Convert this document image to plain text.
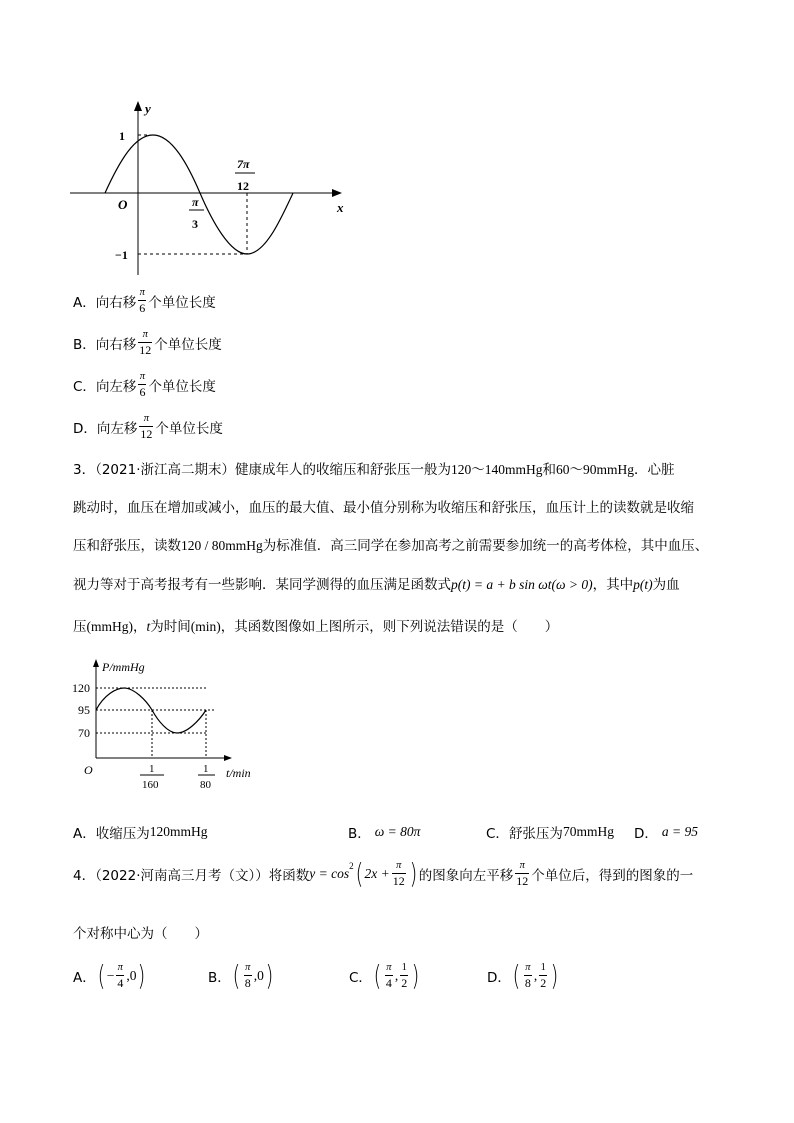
y
x
O
1
−1
π
3
7π
12
A． 向右移 $\frac{\pi}{6}$ 个单位长度
B． 向右移 $\frac{\pi}{12}$ 个单位长度
C． 向左移 $\frac{\pi}{6}$ 个单位长度
D． 向左移 $\frac{\pi}{12}$ 个单位长度
3．（2021·浙江高二期末）健康成年人的收缩压和舒张压一般为120～140mmHg和60～90mmHg．心脏
跳动时，血压在增加或减小，血压的最大值、最小值分别称为收缩压和舒张压，血压计上的读数就是收缩
压和舒张压，读数120 / 80mmHg为标准值．高三同学在参加高考之前需要参加统一的高考体检，其中血压、
视力等对于高考报考有一些影响．某同学测得的血压满足函数式p(t) = a + b sin ωt(ω > 0)，其中p(t)为血
压(mmHg)，t为时间(min)，其函数图像如上图所示，则下列说法错误的是（　　）
P/mmHg
t/min
O
120
95
70
1
160
1
80
A． 收缩压为 120mmHg	B． ω = 80π	C． 舒张压为 70mmHg D． a = 95
4．（2022·河南高三月考（文））将函数 $y = \cos^2$ ( $2x + \frac{\pi}{12}$ ) 的图象向左平移 $\frac{\pi}{12}$ 个单位后，得到的图象的一
个对称中心为（　　）
A． ( − $\frac{\pi}{4}$ , 0 )	B． ( $\frac{\pi}{8}$ , 0 )	C． ( $\frac{\pi}{4}$ , $\frac{1}{2}$ )	D． ( $\frac{\pi}{8}$ , $\frac{1}{2}$ )
